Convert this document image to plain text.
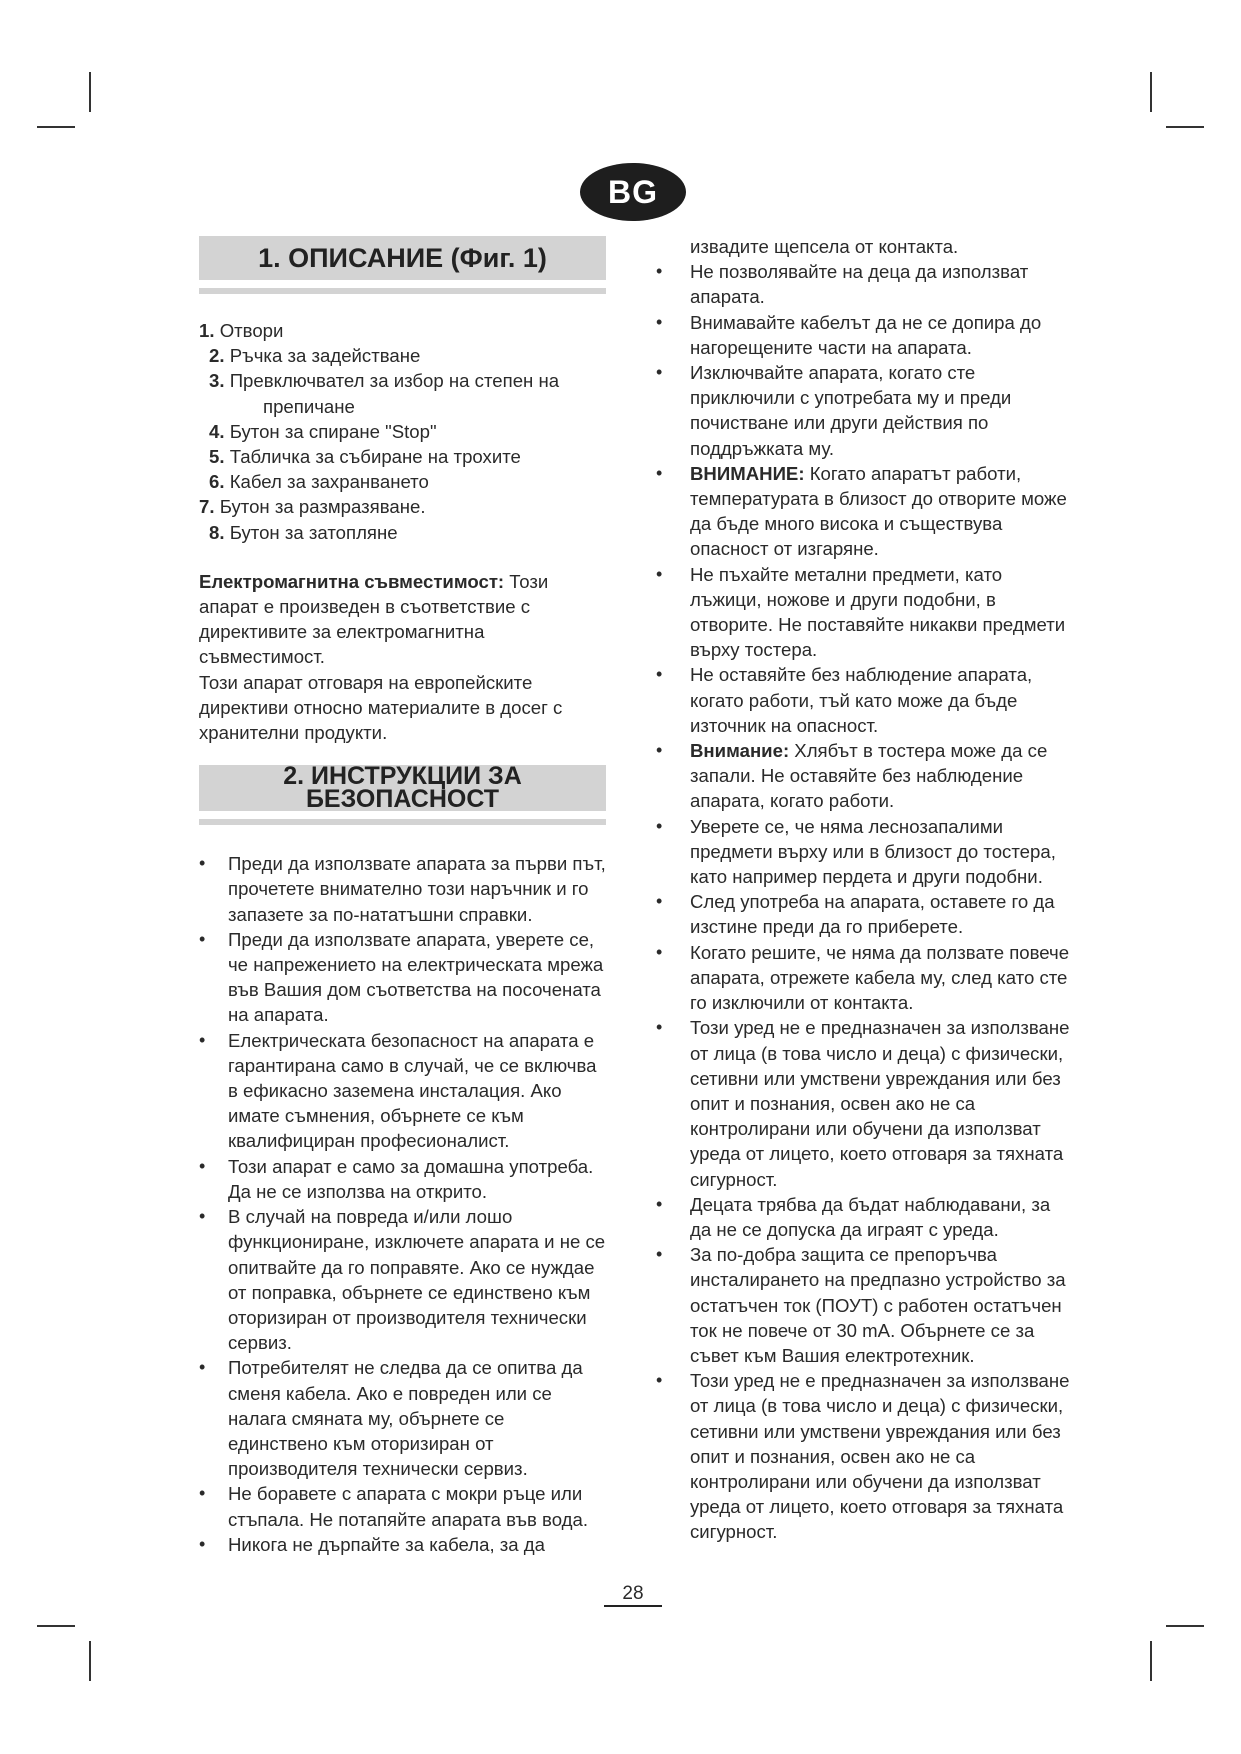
BG
1. ОПИСАНИЕ (Фиг. 1)
1. Отвори
2. Ръчка за задействане
3. Превключвател за избор на степен на
препичане
4. Бутон за спиране "Stop"
5. Табличка за събиране на трохите
6. Кабел за захранването
7. Бутон за размразяване.
8. Бутон за затопляне

Електромагнитна съвместимост: Този апарат е произведен в съответствие с директивите за електромагнитна съвместимост.

Този апарат отговаря на европейските директиви относно материалите в досег с хранителни продукти.

2. ИНСТРУКЦИИ ЗА
БЕЗОПАСНОСТ
• Преди да използвате апарата за първи път, прочетете внимателно този наръчник и го запазете за по-нататъшни справки.
• Преди да използвате апарата, уверете се, че напрежението на електрическата мрежа във Вашия дом съответства на посочената на апарата.
• Електрическата безопасност на апарата е гарантирана само в случай, че се включва в ефикасно заземена инсталация. Ако имате съмнения, обърнете се към квалифициран професионалист.
• Този апарат е само за домашна употреба. Да не се използва на открито.
• В случай на повреда и/или лошо функциониране, изключете апарата и не се опитвайте да го поправяте. Ако се нуждае от поправка, обърнете се единствено към оторизиран от производителя технически сервиз.
• Потребителят не следва да се опитва да сменя кабела. Ако е повреден или се налага смяната му, обърнете се единствено към оторизиран от производителя технически сервиз.
• Не боравете с апарата с мокри ръце или стъпала. Не потапяйте апарата във вода.
• Никога не дърпайте за кабела, за да
извадите щепсела от контакта.
• Не позволявайте на деца да използват апарата.
• Внимавайте кабелът да не се допира до нагорещените части на апарата.
• Изключвайте апарата, когато сте приключили с употребата му и преди почистване или други действия по поддръжката му.
• ВНИМАНИЕ: Когато апаратът работи, температурата в близост до отворите може да бъде много висока и съществува опасност от изгаряне.
• Не пъхайте метални предмети, като лъжици, ножове и други подобни, в отворите. Не поставяйте никакви предмети върху тостера.
• Не оставяйте без наблюдение апарата, когато работи, тъй като може да бъде източник на опасност.
• Внимание: Хлябът в тостера може да се запали. Не оставяйте без наблюдение апарата, когато работи.
• Уверете се, че няма леснозапалими предмети върху или в близост до тостера, като например пердета и други подобни.
• След употреба на апарата, оставете го да изстине преди да го приберете.
• Когато решите, че няма да ползвате повече апарата, отрежете кабела му, след като сте го изключили от контакта.
• Този уред не е предназначен за използване от лица (в това число и деца) с физически, сетивни или умствени увреждания или без опит и познания, освен ако не са контролирани или обучени да използват уреда от лицето, което отговаря за тяхната сигурност.
• Децата трябва да бъдат наблюдавани, за да не се допуска да играят с уреда.
• За по-добра защита се препоръчва инсталирането на предпазно устройство за остатъчен ток (ПОУТ) с работен остатъчен ток не повече от 30 mA. Обърнете се за съвет към Вашия електротехник.
• Този уред не е предназначен за използване от лица (в това число и деца) с физически, сетивни или умствени увреждания или без опит и познания, освен ако не са контролирани или обучени да използват уреда от лицето, което отговаря за тяхната сигурност.
28
